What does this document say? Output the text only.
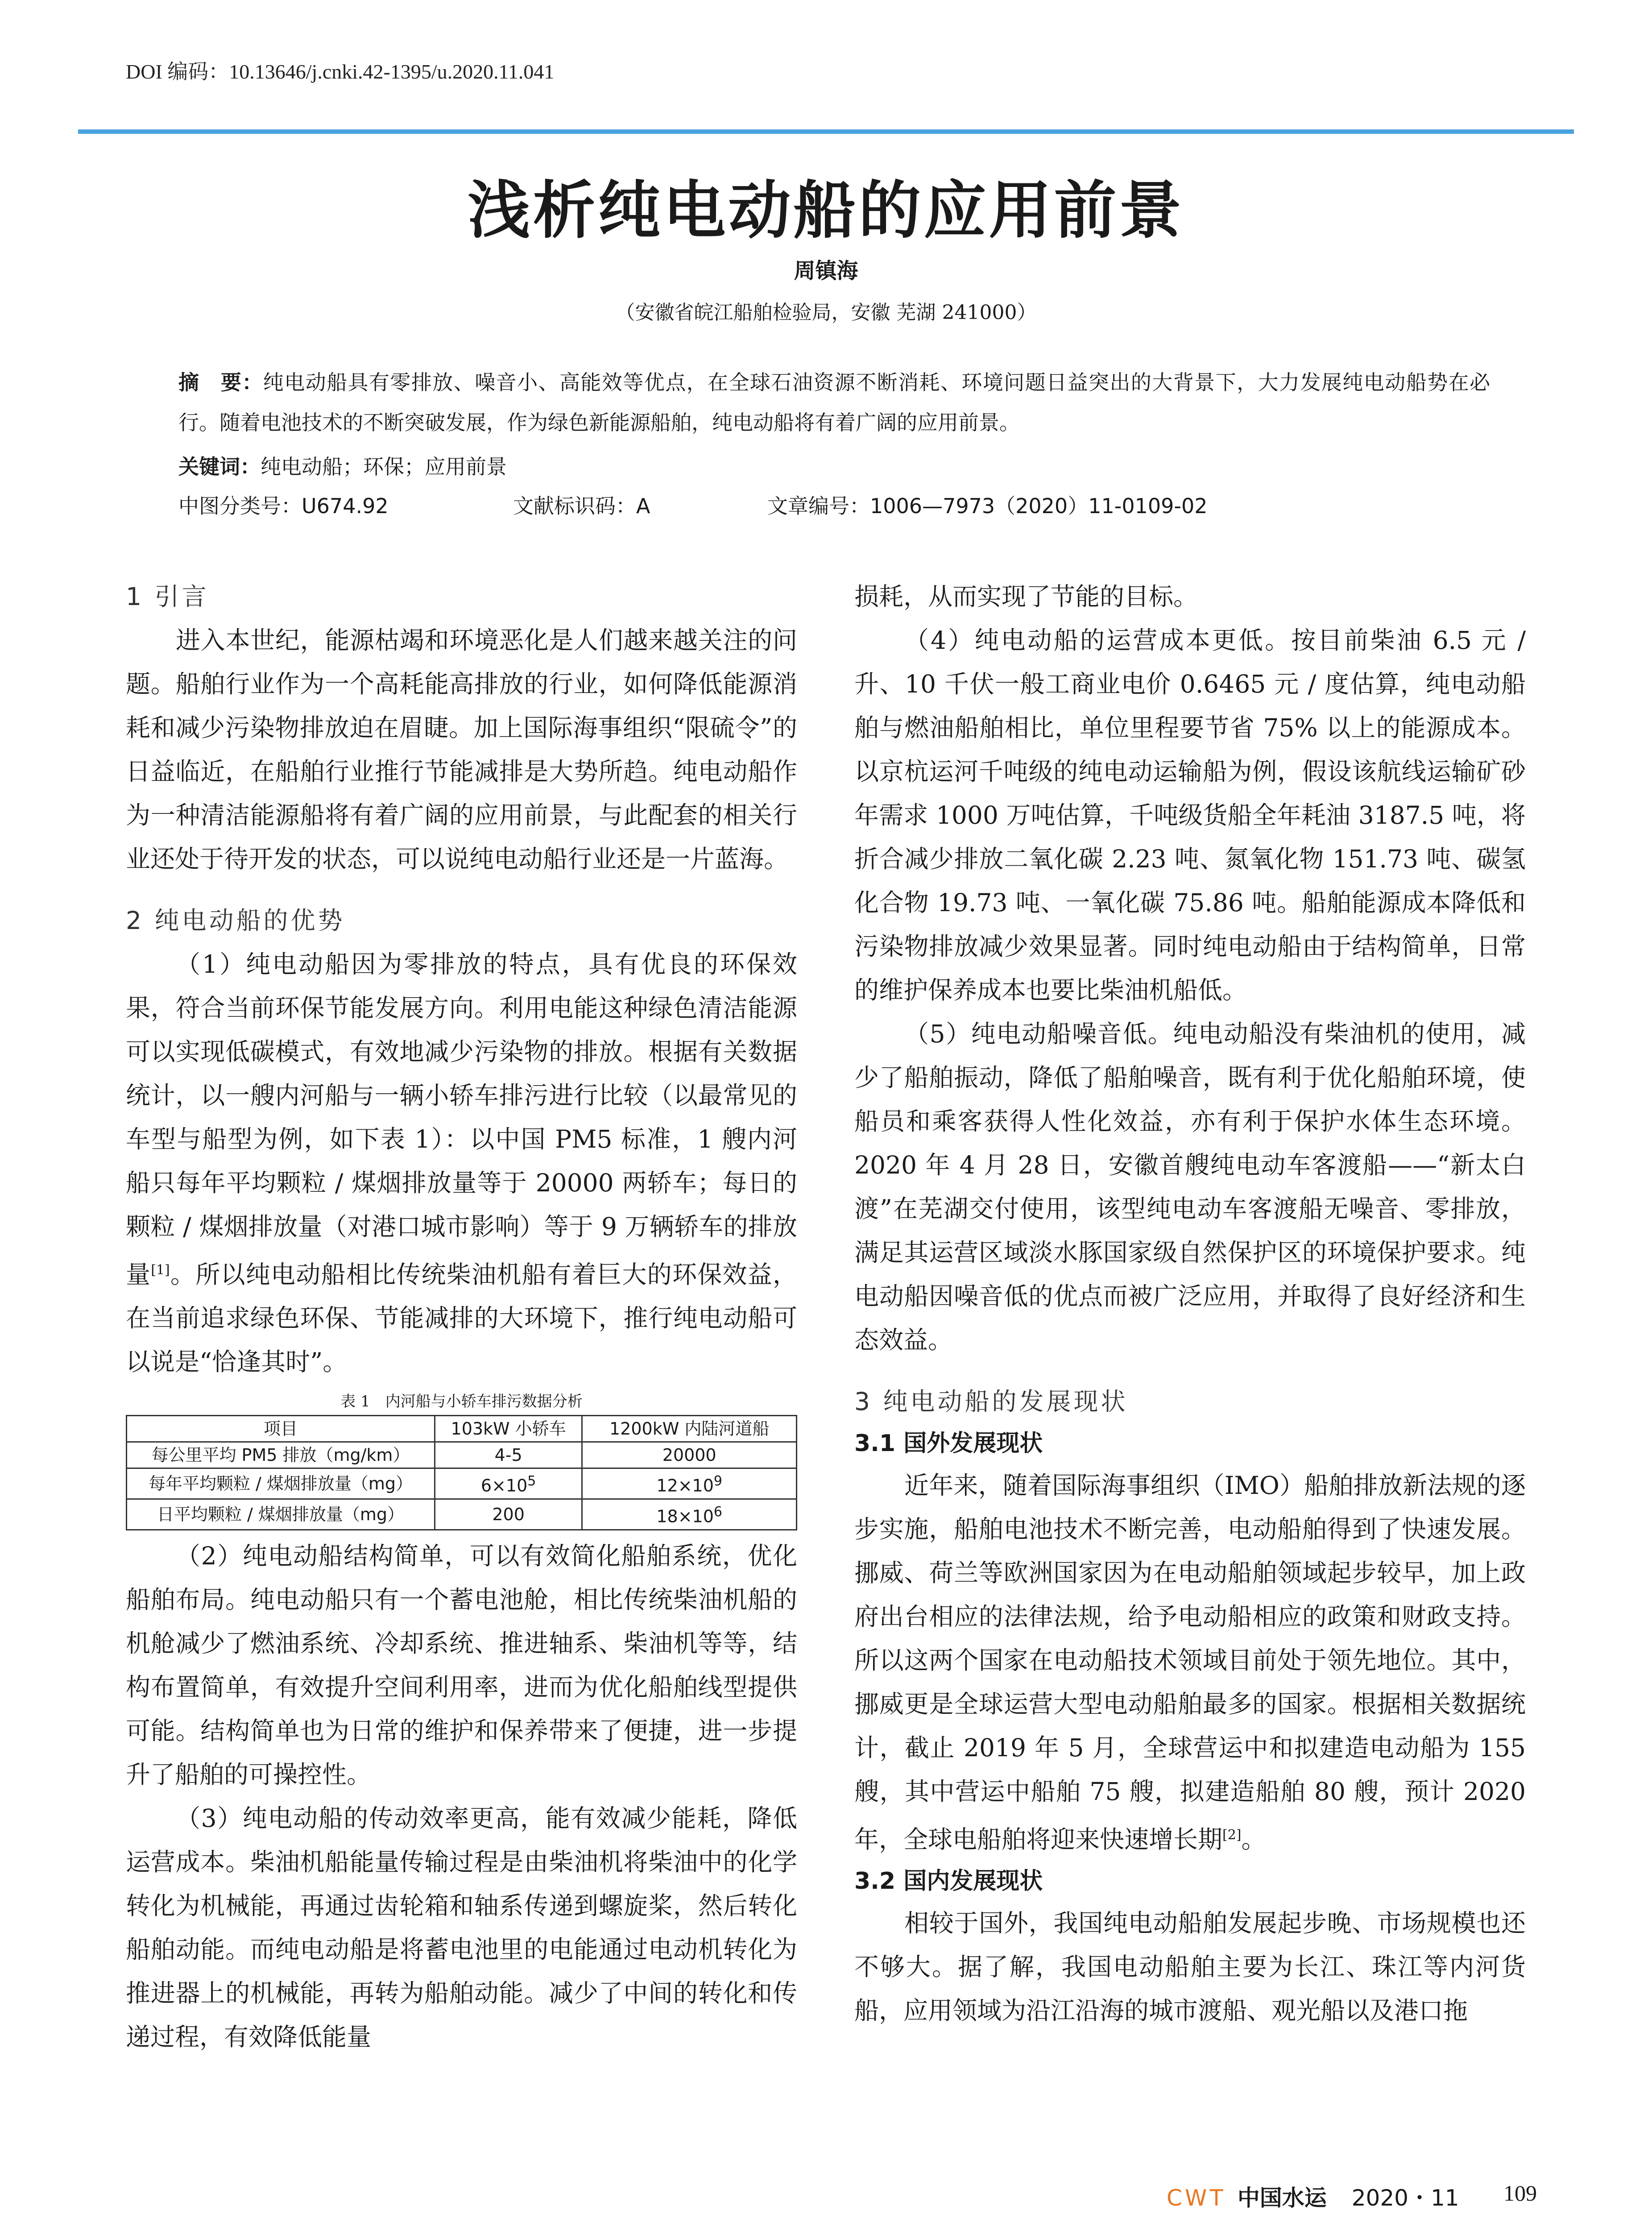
DOI 编码：10.13646/j.cnki.42-1395/u.2020.11.041
浅析纯电动船的应用前景
周镇海
（安徽省皖江船舶检验局，安徽 芜湖 241000）
摘　要：纯电动船具有零排放、噪音小、高能效等优点，在全球石油资源不断消耗、环境问题日益突出的大背景下，大力发展纯电动船势在必行。随着电池技术的不断突破发展，作为绿色新能源船舶，纯电动船将有着广阔的应用前景。
关键词：纯电动船；环保；应用前景
中图分类号：U674.92	文献标识码：A	文章编号：1006—7973（2020）11-0109-02
1 引言

进入本世纪，能源枯竭和环境恶化是人们越来越关注的问题。船舶行业作为一个高耗能高排放的行业，如何降低能源消耗和减少污染物排放迫在眉睫。加上国际海事组织“限硫令”的日益临近，在船舶行业推行节能减排是大势所趋。纯电动船作为一种清洁能源船将有着广阔的应用前景，与此配套的相关行业还处于待开发的状态，可以说纯电动船行业还是一片蓝海。

2 纯电动船的优势

（1）纯电动船因为零排放的特点，具有优良的环保效果，符合当前环保节能发展方向。利用电能这种绿色清洁能源可以实现低碳模式，有效地减少污染物的排放。根据有关数据统计，以一艘内河船与一辆小轿车排污进行比较（以最常见的车型与船型为例，如下表 1）：以中国 PM5 标准，1 艘内河船只每年平均颗粒 / 煤烟排放量等于 20000 两轿车；每日的颗粒 / 煤烟排放量（对港口城市影响）等于 9 万辆轿车的排放量[1]。所以纯电动船相比传统柴油机船有着巨大的环保效益，在当前追求绿色环保、节能减排的大环境下，推行纯电动船可以说是“恰逢其时”。

表 1　内河船与小轿车排污数据分析
项目	103kW 小轿车	1200kW 内陆河道船
每公里平均 PM5 排放（mg/km）	4-5	20000
每年平均颗粒 / 煤烟排放量（mg）	$6\times 10^5$	$12\times 10^9$
日平均颗粒 / 煤烟排放量（mg）	200	$18\times 10^6$

（2）纯电动船结构简单，可以有效简化船舶系统，优化船舶布局。纯电动船只有一个蓄电池舱，相比传统柴油机船的机舱减少了燃油系统、冷却系统、推进轴系、柴油机等等，结构布置简单，有效提升空间利用率，进而为优化船舶线型提供可能。结构简单也为日常的维护和保养带来了便捷，进一步提升了船舶的可操控性。

（3）纯电动船的传动效率更高，能有效减少能耗，降低运营成本。柴油机船能量传输过程是由柴油机将柴油中的化学转化为机械能，再通过齿轮箱和轴系传递到螺旋桨，然后转化船舶动能。而纯电动船是将蓄电池里的电能通过电动机转化为推进器上的机械能，再转为船舶动能。减少了中间的转化和传递过程，有效降低能量

损耗，从而实现了节能的目标。

（4）纯电动船的运营成本更低。按目前柴油 6.5 元 / 升、10 千伏一般工商业电价 0.6465 元 / 度估算，纯电动船舶与燃油船舶相比，单位里程要节省 75% 以上的能源成本。以京杭运河千吨级的纯电动运输船为例，假设该航线运输矿砂年需求 1000 万吨估算，千吨级货船全年耗油 3187.5 吨，将折合减少排放二氧化碳 2.23 吨、氮氧化物 151.73 吨、碳氢化合物 19.73 吨、一氧化碳 75.86 吨。船舶能源成本降低和污染物排放减少效果显著。同时纯电动船由于结构简单，日常的维护保养成本也要比柴油机船低。

（5）纯电动船噪音低。纯电动船没有柴油机的使用，减少了船舶振动，降低了船舶噪音，既有利于优化船舶环境，使船员和乘客获得人性化效益，亦有利于保护水体生态环境。2020 年 4 月 28 日，安徽首艘纯电动车客渡船——“新太白渡”在芜湖交付使用，该型纯电动车客渡船无噪音、零排放，满足其运营区域淡水豚国家级自然保护区的环境保护要求。纯电动船因噪音低的优点而被广泛应用，并取得了良好经济和生态效益。

3 纯电动船的发展现状
3.1 国外发展现状

近年来，随着国际海事组织（IMO）船舶排放新法规的逐步实施，船舶电池技术不断完善，电动船舶得到了快速发展。挪威、荷兰等欧洲国家因为在电动船舶领域起步较早，加上政府出台相应的法律法规，给予电动船相应的政策和财政支持。所以这两个国家在电动船技术领域目前处于领先地位。其中，挪威更是全球运营大型电动船舶最多的国家。根据相关数据统计，截止 2019 年 5 月，全球营运中和拟建造电动船为 155 艘，其中营运中船舶 75 艘，拟建造船舶 80 艘，预计 2020 年，全球电船舶将迎来快速增长期[2]。

3.2 国内发展现状

相较于国外，我国纯电动船舶发展起步晚、市场规模也还不够大。据了解，我国电动船舶主要为长江、珠江等内河货船，应用领域为沿江沿海的城市渡船、观光船以及港口拖

CWT 中国水运 2020・11 109
